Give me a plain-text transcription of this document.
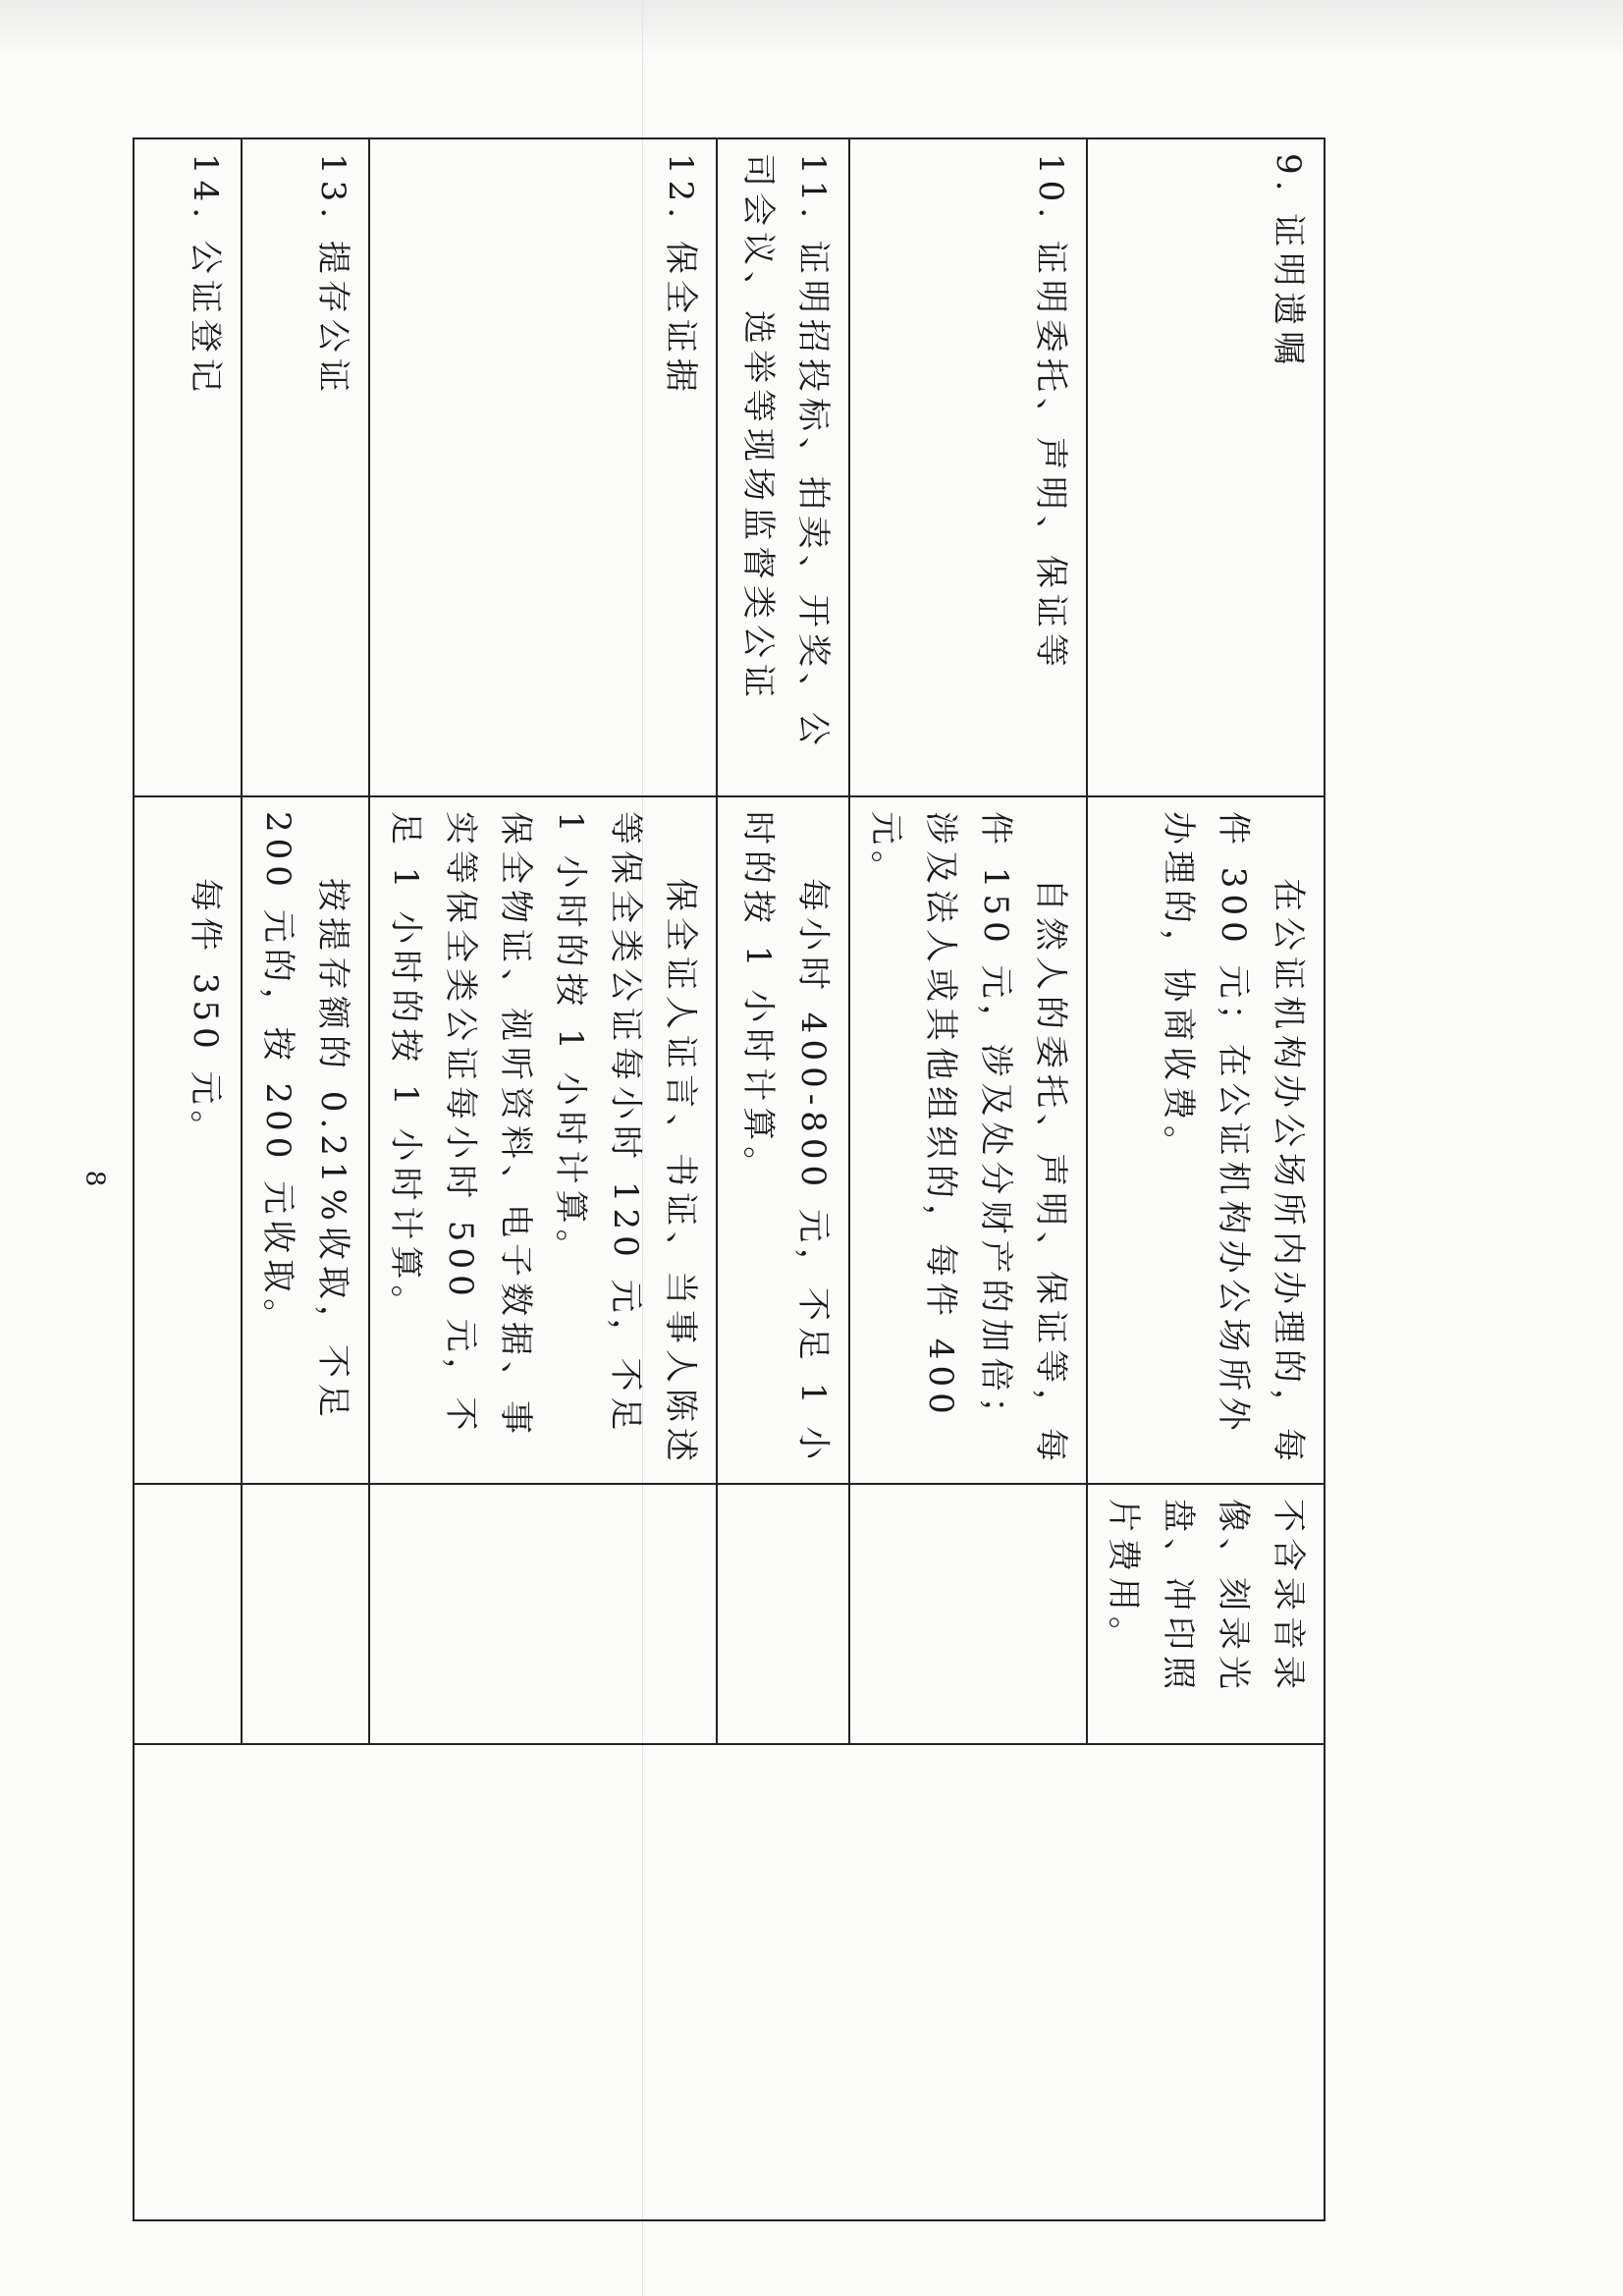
9. 证明遗嘱	在公证机构办公场所内办理的，每件 300 元；在公证机构办公场所外办理的，协商收费。	不含录音录像、刻录光盘、冲印照片费用。	

10. 证明委托、声明、保证等	自然人的委托、声明、保证等，每件 150 元，涉及处分财产的加倍；涉及法人或其他组织的，每件 400 元。		

11. 证明招投标、拍卖、开奖、公司会议、选举等现场监督类公证	每小时 400-800 元，不足 1 小时的按 1 小时计算。		

12. 保全证据	保全证人证言、书证、当事人陈述等保全类公证每小时 120 元，不足 1 小时的按 1 小时计算。
保全物证、视听资料、电子数据、事实等保全类公证每小时 500 元，不足 1 小时的按 1 小时计算。		

13. 提存公证	按提存额的 0.21%收取，不足 200 元的，按 200 元收取。		

14. 公证登记	每件 350 元。		

8
